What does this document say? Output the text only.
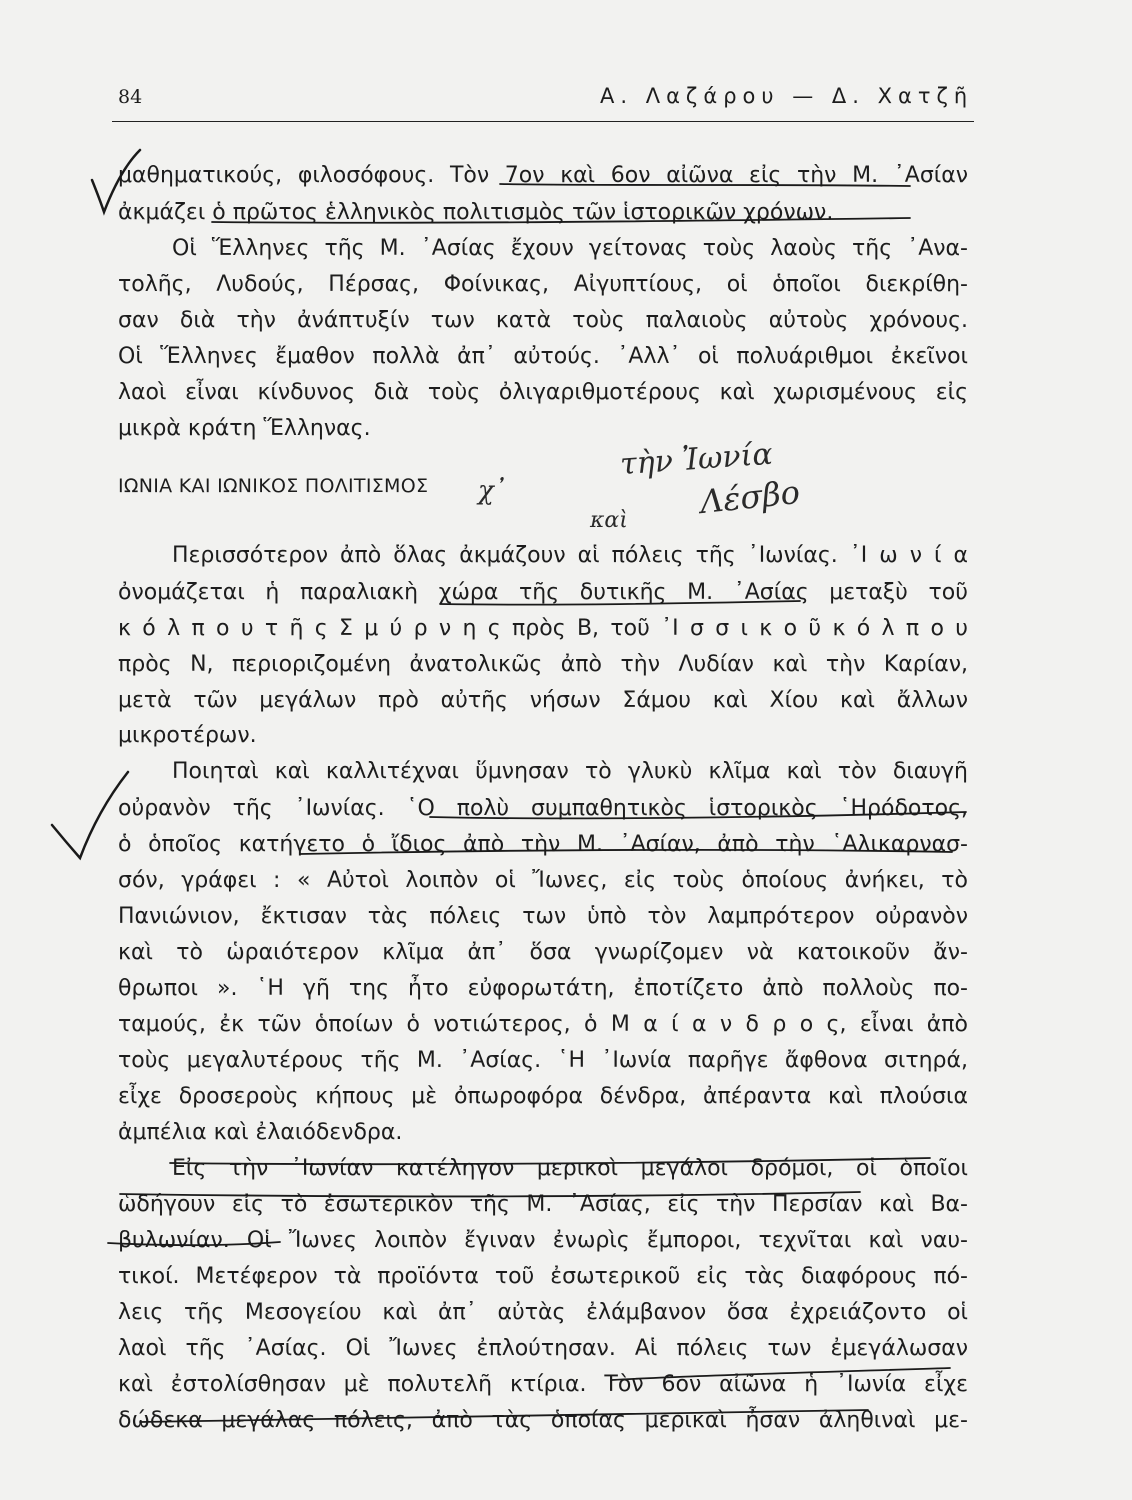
84	Α. Λαζάρου — Δ. Χατζῆ
μαθηματικούς, φιλοσόφους. Τὸν 7ον καὶ 6ον αἰῶνα εἰς τὴν Μ. ᾿Ασίαν
ἀκμάζει ὁ πρῶτος ἑλληνικὸς πολιτισμὸς τῶν ἱστορικῶν χρόνων.
Οἱ Ἕλληνες τῆς Μ. ᾿Ασίας ἔχουν γείτονας τοὺς λαοὺς τῆς ᾿Ανα-
τολῆς, Λυδούς, Πέρσας, Φοίνικας, Αἰγυπτίους, οἱ ὁποῖοι διεκρίθη-
σαν διὰ τὴν ἀνάπτυξίν των κατὰ τοὺς παλαιοὺς αὐτοὺς χρόνους.
Οἱ Ἕλληνες ἔμαθον πολλὰ ἀπ᾿ αὐτούς. ᾿Αλλ᾿ οἱ πολυάριθμοι ἐκεῖνοι
λαοὶ εἶναι κίνδυνος διὰ τοὺς ὀλιγαριθμοτέρους καὶ χωρισμένους εἰς
μικρὰ κράτη Ἕλληνας.
ΙΩΝΙΑ ΚΑΙ ΙΩΝΙΚΟΣ ΠΟΛΙΤΙΣΜΟΣ
Περισσότερον ἀπὸ ὅλας ἀκμάζουν αἱ πόλεις τῆς ᾿Ιωνίας. ᾿Ι ω ν ί α
ὀνομάζεται ἡ παραλιακὴ χώρα τῆς δυτικῆς Μ. ᾿Ασίας μεταξὺ τοῦ
κ ό λ π ο υ τ ῆ ς Σ μ ύ ρ ν η ς πρὸς Β, τοῦ ᾿Ι σ σ ι κ ο ῦ κ ό λ π ο υ
πρὸς Ν, περιοριζομένη ἀνατολικῶς ἀπὸ τὴν Λυδίαν καὶ τὴν Καρίαν,
μετὰ τῶν μεγάλων πρὸ αὐτῆς νήσων Σάμου καὶ Χίου καὶ ἄλλων
μικροτέρων.
Ποιηταὶ καὶ καλλιτέχναι ὕμνησαν τὸ γλυκὺ κλῖμα καὶ τὸν διαυγῆ
οὐρανὸν τῆς ᾿Ιωνίας. ῾Ο πολὺ συμπαθητικὸς ἱστορικὸς ῾Ηρόδοτος,
ὁ ὁποῖος κατήγετο ὁ ἴδιος ἀπὸ τὴν Μ. ᾿Ασίαν, ἀπὸ τὴν ῾Αλικαρνασ-
σόν, γράφει : « Αὐτοὶ λοιπὸν οἱ Ἴωνες, εἰς τοὺς ὁποίους ἀνήκει, τὸ
Πανιώνιον, ἔκτισαν τὰς πόλεις των ὑπὸ τὸν λαμπρότερον οὐρανὸν
καὶ τὸ ὡραιότερον κλῖμα ἀπ᾿ ὅσα γνωρίζομεν νὰ κατοικοῦν ἄν-
θρωποι ». ῾Η γῆ της ἦτο εὐφορωτάτη, ἐποτίζετο ἀπὸ πολλοὺς πο-
ταμούς, ἐκ τῶν ὁποίων ὁ νοτιώτερος, ὁ Μ α ί α ν δ ρ ο ς, εἶναι ἀπὸ
τοὺς μεγαλυτέρους τῆς Μ. ᾿Ασίας. ῾Η ᾿Ιωνία παρῆγε ἄφθονα σιτηρά,
εἶχε δροσεροὺς κήπους μὲ ὀπωροφόρα δένδρα, ἀπέραντα καὶ πλούσια
ἀμπέλια καὶ ἐλαιόδενδρα.
Εἰς τὴν ᾿Ιωνίαν κατέληγον μερικοὶ μεγάλοι δρόμοι, οἱ ὁποῖοι
ὡδήγουν εἰς τὸ ἐσωτερικὸν τῆς Μ. ᾿Ασίας, εἰς τὴν Περσίαν καὶ Βα-
βυλωνίαν. Οἱ Ἴωνες λοιπὸν ἔγιναν ἐνωρὶς ἔμποροι, τεχνῖται καὶ ναυ-
τικοί. Μετέφερον τὰ προϊόντα τοῦ ἐσωτερικοῦ εἰς τὰς διαφόρους πό-
λεις τῆς Μεσογείου καὶ ἀπ᾿ αὐτὰς ἐλάμβανον ὅσα ἐχρειάζοντο οἱ
λαοὶ τῆς ᾿Ασίας. Οἱ Ἴωνες ἐπλούτησαν. Αἱ πόλεις των ἐμεγάλωσαν
καὶ ἐστολίσθησαν μὲ πολυτελῆ κτίρια. Τὸν 6ον αἰῶνα ἡ ᾿Ιωνία εἶχε
δώδεκα μεγάλας πόλεις, ἀπὸ τὰς ὁποίας μερικαὶ ἦσαν ἀληθιναὶ με-
χ᾿
τὴν Ἰωνία
καὶ Λέσβο
